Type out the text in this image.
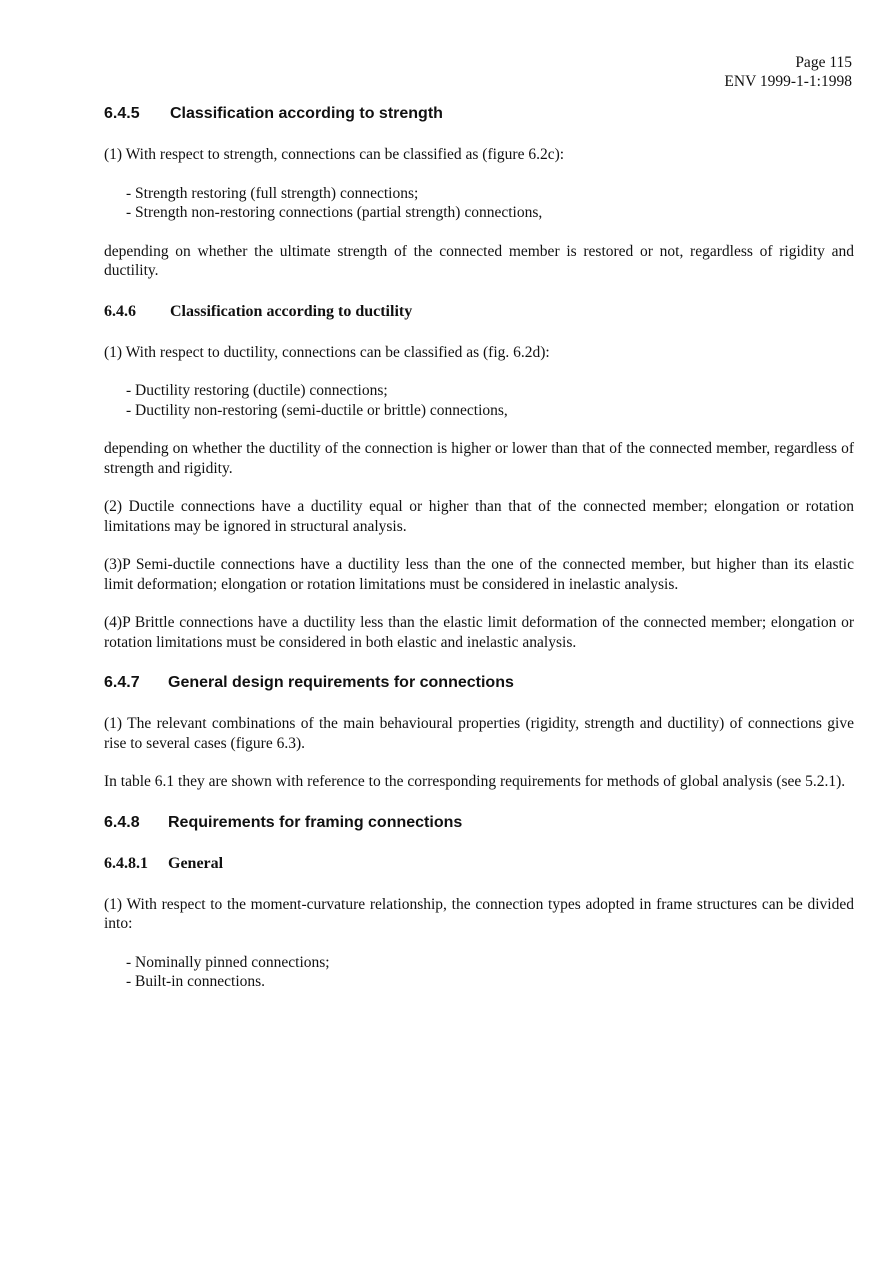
Page 115
ENV 1999-1-1:1998
6.4.5 Classification according to strength

(1) With respect to strength, connections can be classified as (figure 6.2c):

- Strength restoring (full strength) connections;
- Strength non-restoring connections (partial strength) connections,

depending on whether the ultimate strength of the connected member is restored or not, regardless of rigidity and ductility.

6.4.6 Classification according to ductility

(1) With respect to ductility, connections can be classified as (fig. 6.2d):

- Ductility restoring (ductile) connections;
- Ductility non-restoring (semi-ductile or brittle) connections,

depending on whether the ductility of the connection is higher or lower than that of the connected member, regardless of strength and rigidity.

(2) Ductile connections have a ductility equal or higher than that of the connected member; elongation or rotation limitations may be ignored in structural analysis.

(3)P Semi-ductile connections have a ductility less than the one of the connected member, but higher than its elastic limit deformation; elongation or rotation limitations must be considered in inelastic analysis.

(4)P Brittle connections have a ductility less than the elastic limit deformation of the connected member; elongation or rotation limitations must be considered in both elastic and inelastic analysis.

6.4.7 General design requirements for connections

(1) The relevant combinations of the main behavioural properties (rigidity, strength and ductility) of connections give rise to several cases (figure 6.3).

In table 6.1 they are shown with reference to the corresponding requirements for methods of global analysis (see 5.2.1).

6.4.8 Requirements for framing connections
6.4.8.1 General

(1) With respect to the moment-curvature relationship, the connection types adopted in frame structures can be divided into:

- Nominally pinned connections;
- Built-in connections.
